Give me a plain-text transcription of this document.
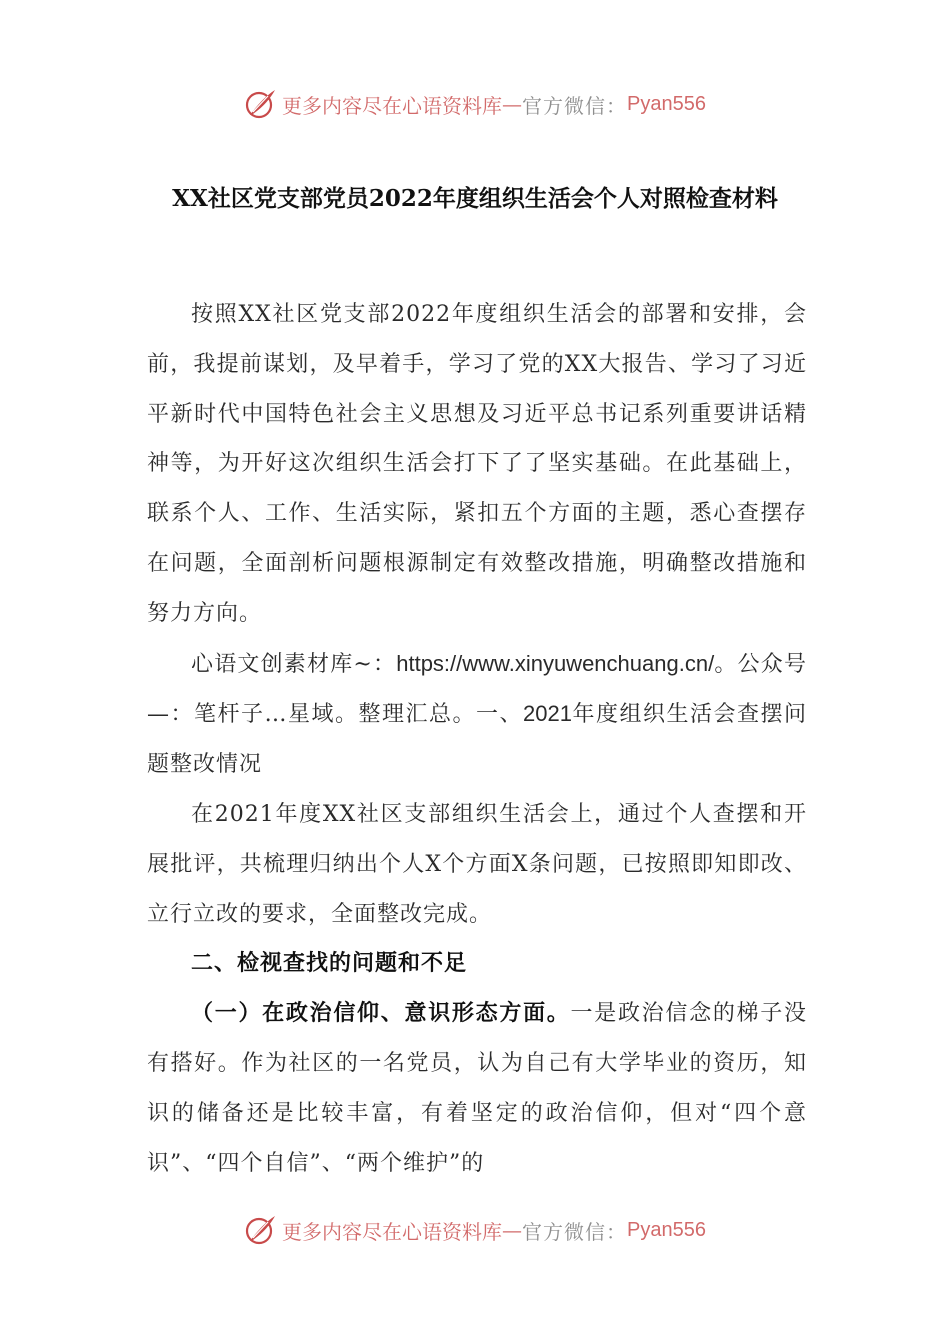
更多内容尽在心语资料库 — 官方微信： Pyan556
XX社区党支部党员2022年度组织生活会个人对照检查材料

按照XX社区党支部2022年度组织生活会的部署和安排，会前，我提前谋划，及早着手，学习了党的XX大报告、学习了习近平新时代中国特色社会主义思想及习近平总书记系列重要讲话精神等，为开好这次组织生活会打下了了坚实基础。在此基础上，联系个人、工作、生活实际，紧扣五个方面的主题，悉心查摆存在问题，全面剖析问题根源制定有效整改措施，明确整改措施和努力方向。

心语文创素材库~：https://www.xinyuwenchuang.cn/。公众号—：笔杆子…星域。整理汇总。一、2021年度组织生活会查摆问题整改情况

在2021年度XX社区支部组织生活会上，通过个人查摆和开展批评，共梳理归纳出个人X个方面X条问题，已按照即知即改、立行立改的要求，全面整改完成。

二、检视查找的问题和不足

（一）在政治信仰、意识形态方面。一是政治信念的梯子没有搭好。作为社区的一名党员，认为自己有大学毕业的资历，知识的储备还是比较丰富，有着坚定的政治信仰，但对“四个意识”、“四个自信”、“两个维护”的

更多内容尽在心语资料库 — 官方微信： Pyan556
